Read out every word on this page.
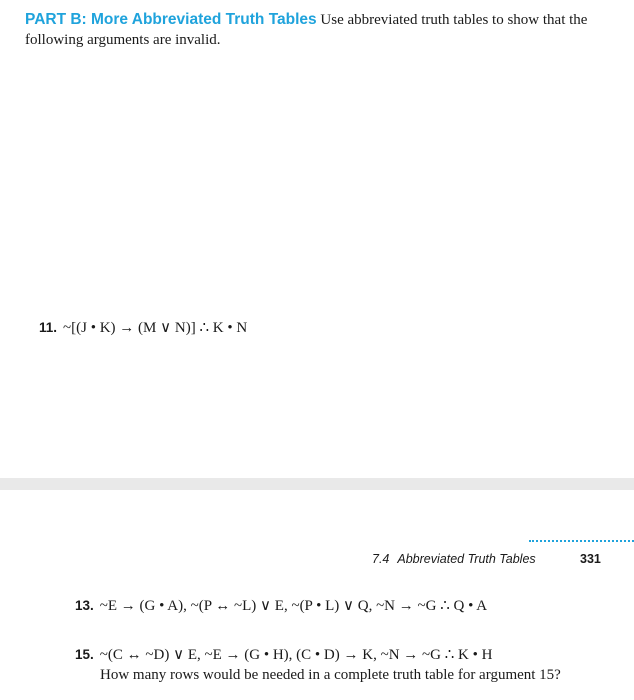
PART B: More Abbreviated Truth Tables Use abbreviated truth tables to show that the following arguments are invalid.
11. ~[(J • K) → (M ∨ N)] ∴ K • N
7.4 Abbreviated Truth Tables	331
13. ~E → (G • A), ~(P ↔ ~L) ∨ E, ~(P • L) ∨ Q, ~N → ~G ∴ Q • A
15. ~(C ↔ ~D) ∨ E, ~E → (G • H), (C • D) → K, ~N → ~G ∴ K • H
How many rows would be needed in a complete truth table for argument 15?
